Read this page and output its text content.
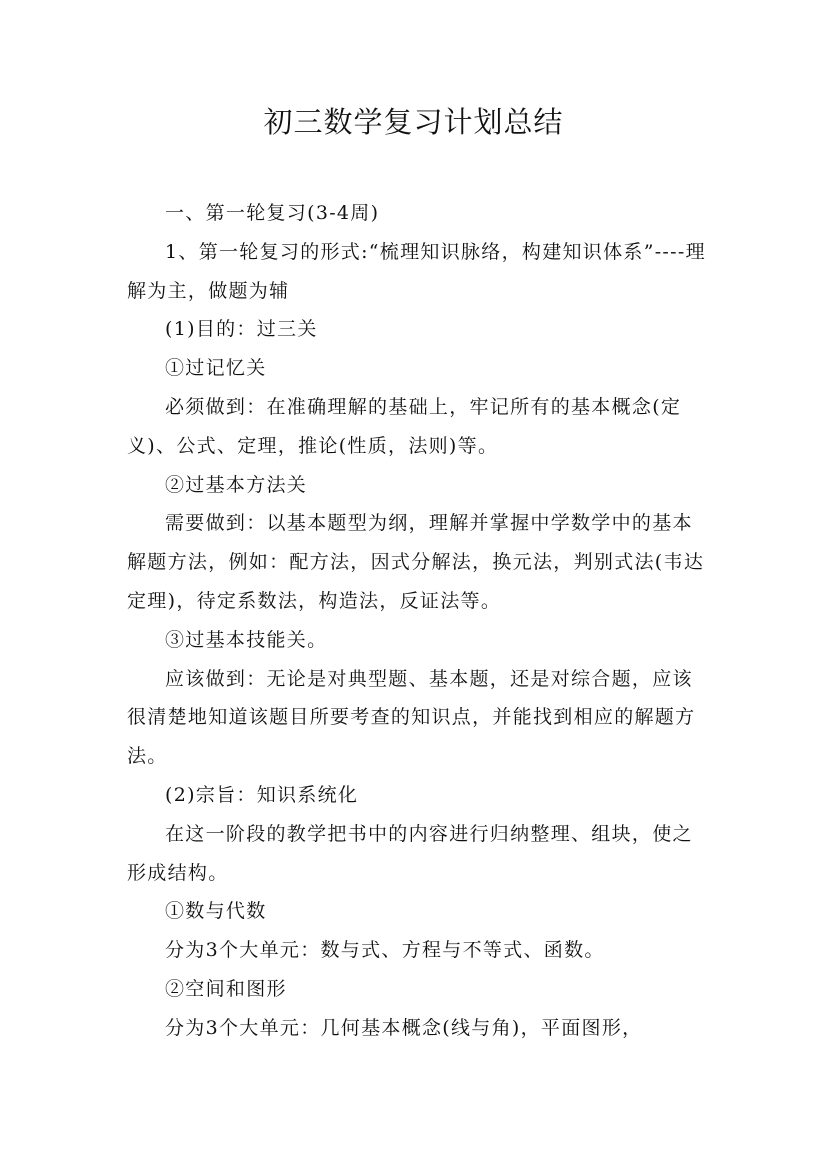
初三数学复习计划总结

一、第一轮复习(3-4周)

1、第一轮复习的形式:“梳理知识脉络，构建知识体系”----理解为主，做题为辅

(1)目的：过三关

①过记忆关

必须做到：在准确理解的基础上，牢记所有的基本概念(定义)、公式、定理，推论(性质，法则)等。

②过基本方法关

需要做到：以基本题型为纲，理解并掌握中学数学中的基本解题方法，例如：配方法，因式分解法，换元法，判别式法(韦达定理)，待定系数法，构造法，反证法等。

③过基本技能关。

应该做到：无论是对典型题、基本题，还是对综合题，应该很清楚地知道该题目所要考查的知识点，并能找到相应的解题方法。

(2)宗旨：知识系统化

在这一阶段的教学把书中的内容进行归纳整理、组块，使之形成结构。

①数与代数

分为3个大单元：数与式、方程与不等式、函数。

②空间和图形

分为3个大单元：几何基本概念(线与角)，平面图形，
